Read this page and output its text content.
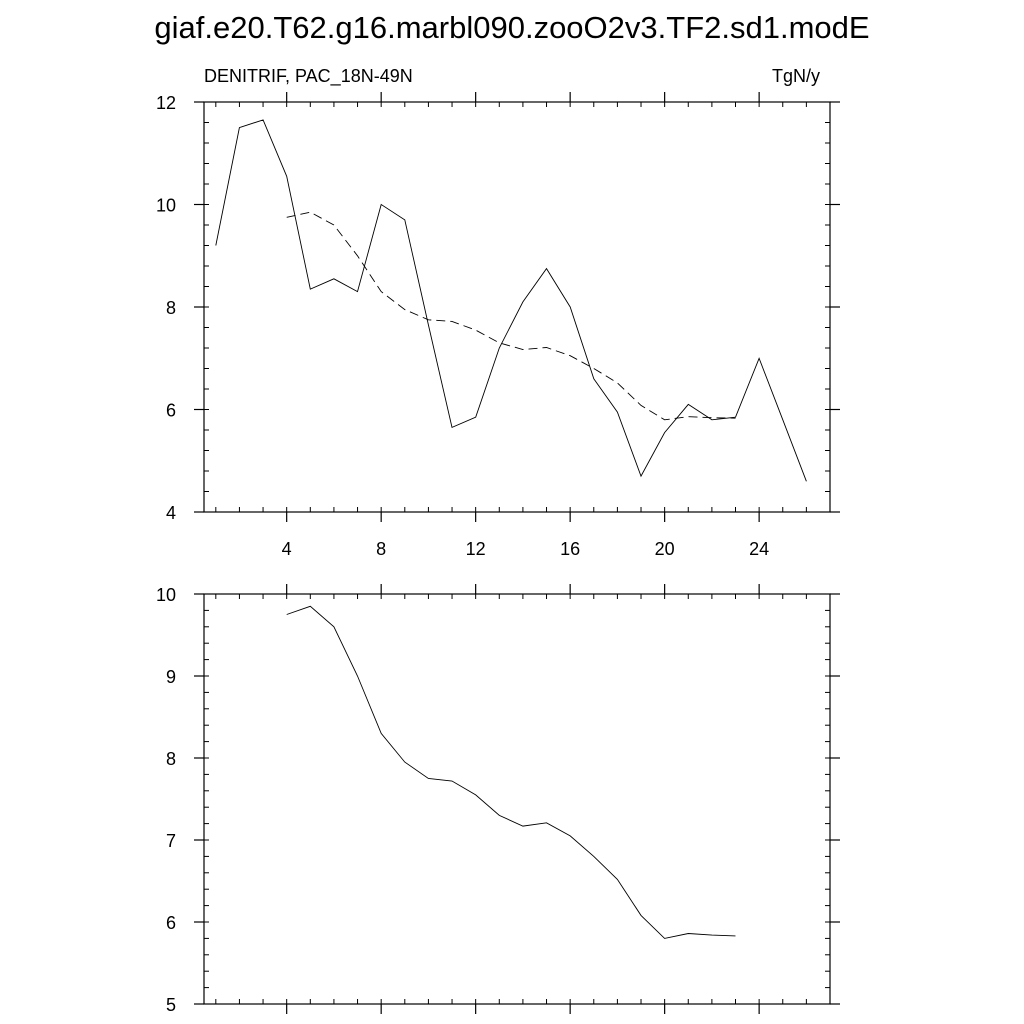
giaf.e20.T62.g16.marbl090.zooO2v3.TF2.sd1.modE
DENITRIF, PAC_18N-49N	TgN/y
4	8	12	16	20	24
4
6
8
10
12
5
6
7
8
9
10
